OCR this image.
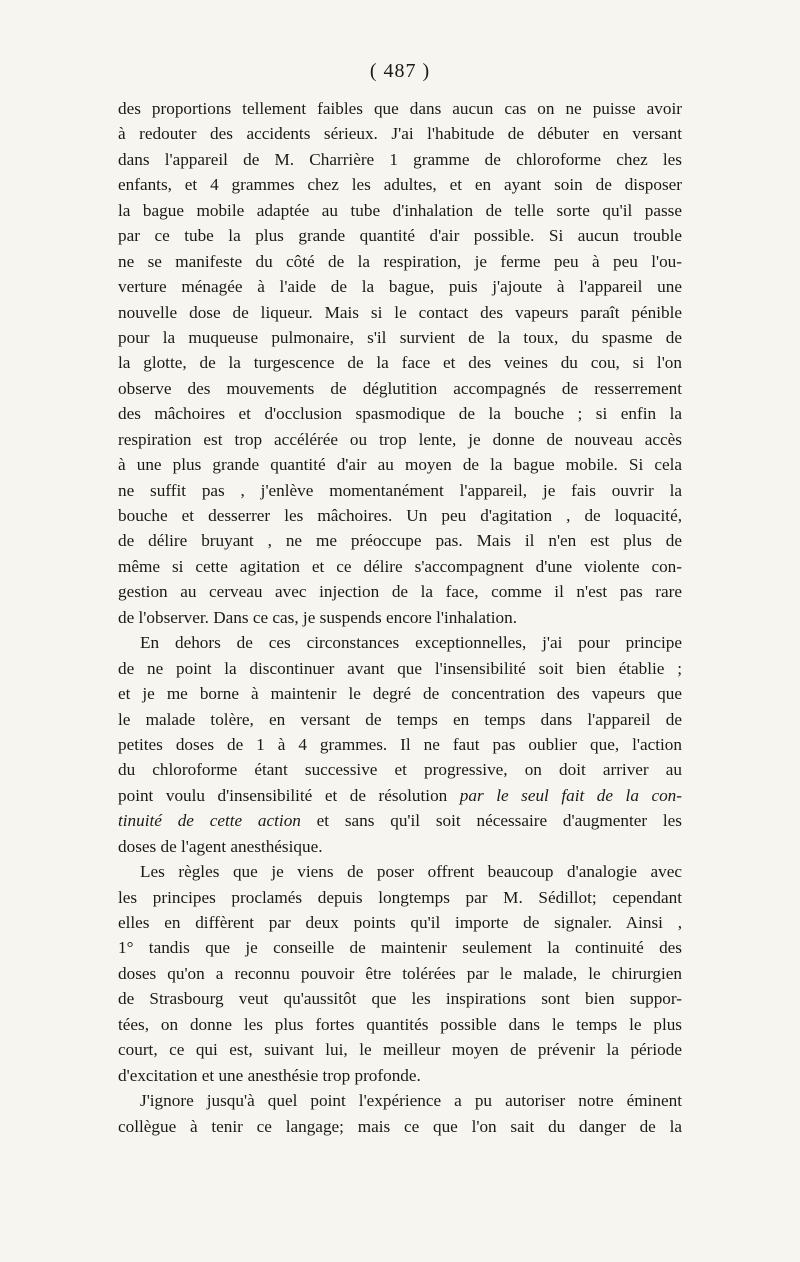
( 487 )
des proportions tellement faibles que dans aucun cas on ne puisse avoir
à redouter des accidents sérieux. J'ai l'habitude de débuter en versant
dans l'appareil de M. Charrière 1 gramme de chloroforme chez les
enfants, et 4 grammes chez les adultes, et en ayant soin de disposer
la bague mobile adaptée au tube d'inhalation de telle sorte qu'il passe
par ce tube la plus grande quantité d'air possible. Si aucun trouble
ne se manifeste du côté de la respiration, je ferme peu à peu l'ou-
verture ménagée à l'aide de la bague, puis j'ajoute à l'appareil une
nouvelle dose de liqueur. Mais si le contact des vapeurs paraît pénible
pour la muqueuse pulmonaire, s'il survient de la toux, du spasme de
la glotte, de la turgescence de la face et des veines du cou, si l'on
observe des mouvements de déglutition accompagnés de resserrement
des mâchoires et d'occlusion spasmodique de la bouche ; si enfin la
respiration est trop accélérée ou trop lente, je donne de nouveau accès
à une plus grande quantité d'air au moyen de la bague mobile. Si cela
ne suffit pas , j'enlève momentanément l'appareil, je fais ouvrir la
bouche et desserrer les mâchoires. Un peu d'agitation , de loquacité,
de délire bruyant , ne me préoccupe pas. Mais il n'en est plus de
même si cette agitation et ce délire s'accompagnent d'une violente con-
gestion au cerveau avec injection de la face, comme il n'est pas rare
de l'observer. Dans ce cas, je suspends encore l'inhalation.
En dehors de ces circonstances exceptionnelles, j'ai pour principe
de ne point la discontinuer avant que l'insensibilité soit bien établie ;
et je me borne à maintenir le degré de concentration des vapeurs que
le malade tolère, en versant de temps en temps dans l'appareil de
petites doses de 1 à 4 grammes. Il ne faut pas oublier que, l'action
du chloroforme étant successive et progressive, on doit arriver au
point voulu d'insensibilité et de résolution par le seul fait de la con-
tinuité de cette action et sans qu'il soit nécessaire d'augmenter les
doses de l'agent anesthésique.
Les règles que je viens de poser offrent beaucoup d'analogie avec
les principes proclamés depuis longtemps par M. Sédillot; cependant
elles en diffèrent par deux points qu'il importe de signaler. Ainsi ,
1° tandis que je conseille de maintenir seulement la continuité des
doses qu'on a reconnu pouvoir être tolérées par le malade, le chirurgien
de Strasbourg veut qu'aussitôt que les inspirations sont bien suppor-
tées, on donne les plus fortes quantités possible dans le temps le plus
court, ce qui est, suivant lui, le meilleur moyen de prévenir la période
d'excitation et une anesthésie trop profonde.
J'ignore jusqu'à quel point l'expérience a pu autoriser notre éminent
collègue à tenir ce langage; mais ce que l'on sait du danger de la
